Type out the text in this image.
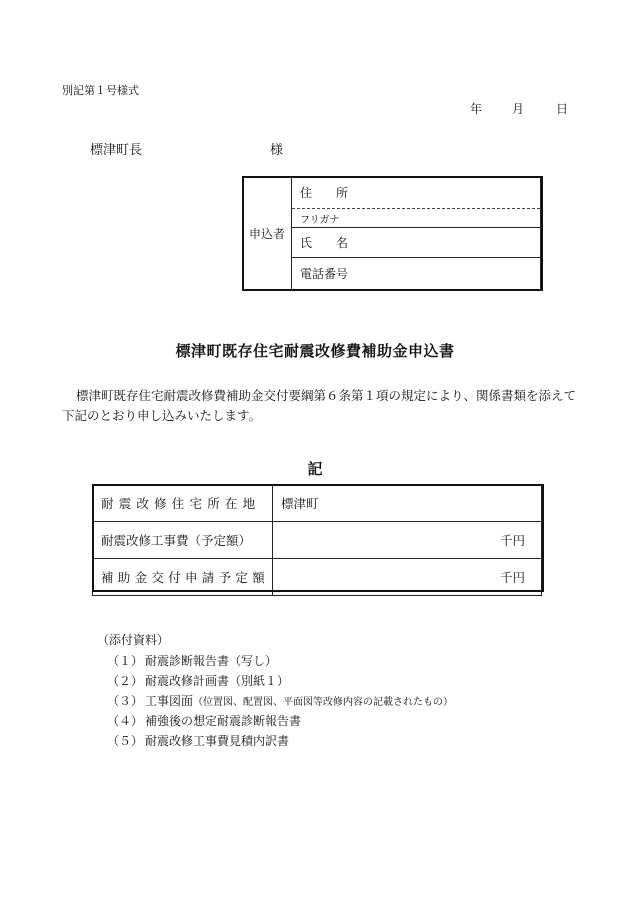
別記第１号様式
年 月	日
標津町長	様
申込者	住　　所
フリガナ
氏　　名
電話番号
標津町既存住宅耐震改修費補助金申込書
標津町既存住宅耐震改修費補助金交付要綱第６条第１項の規定により、関係書類を添えて下記のとおり申し込みいたします。
記
耐震改修住宅所在地	標津町
耐震改修工事費（予定額）	千円
補助金交付申請予定額	千円
（添付資料）
（１） 耐震診断報告書（写し）
（２） 耐震改修計画書（別紙１）
（３） 工事図面（位置図、配置図、平面図等改修内容の記載されたもの）
（４） 補強後の想定耐震診断報告書
（５） 耐震改修工事費見積内訳書
